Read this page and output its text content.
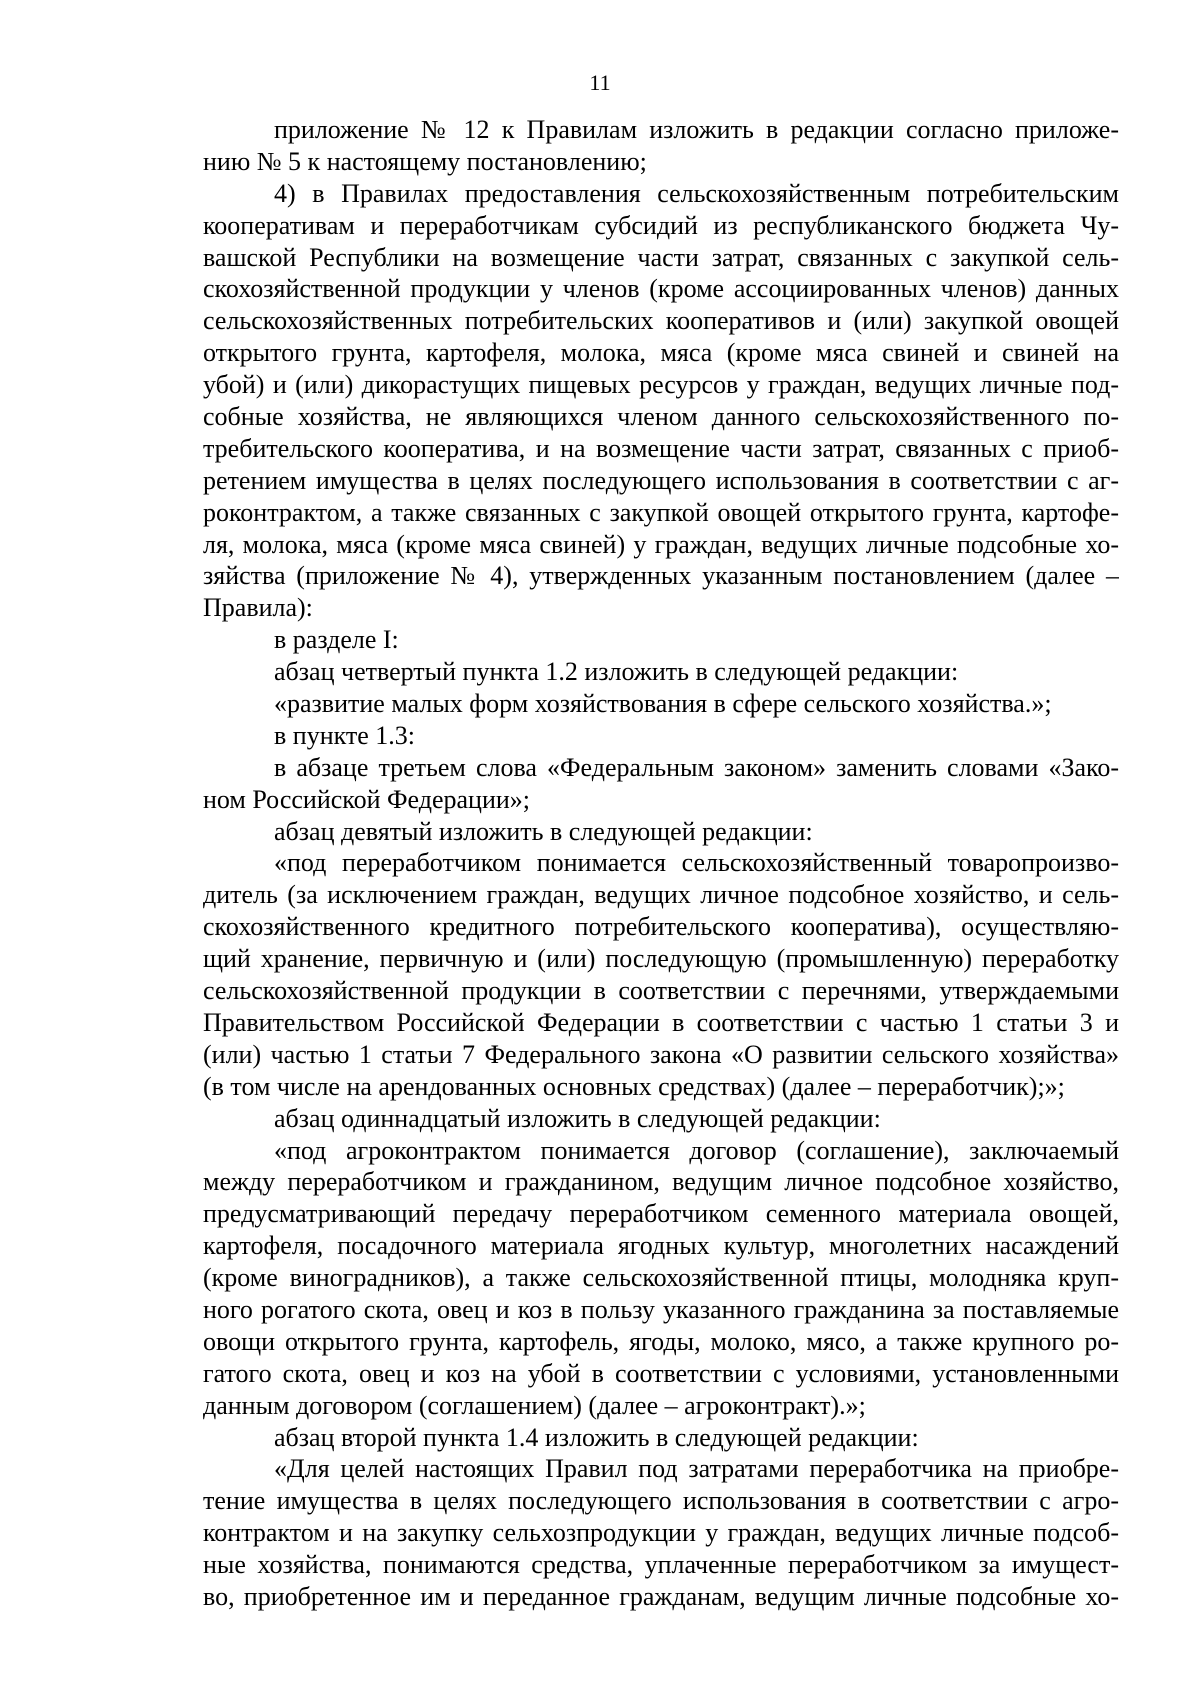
11
приложение № 12 к Правилам изложить в редакции согласно приложе-
нию № 5 к настоящему постановлению;
4) в Правилах предоставления сельскохозяйственным потребительским
кооперативам и переработчикам субсидий из республиканского бюджета Чу-
вашской Республики на возмещение части затрат, связанных с закупкой сель-
скохозяйственной продукции у членов (кроме ассоциированных членов) данных
сельскохозяйственных потребительских кооперативов и (или) закупкой овощей
открытого грунта, картофеля, молока, мяса (кроме мяса свиней и свиней на
убой) и (или) дикорастущих пищевых ресурсов у граждан, ведущих личные под-
собные хозяйства, не являющихся членом данного сельскохозяйственного по-
требительского кооператива, и на возмещение части затрат, связанных с приоб-
ретением имущества в целях последующего использования в соответствии с аг-
роконтрактом, а также связанных с закупкой овощей открытого грунта, картофе-
ля, молока, мяса (кроме мяса свиней) у граждан, ведущих личные подсобные хо-
зяйства (приложение № 4), утвержденных указанным постановлением (далее –
Правила):
в разделе I:
абзац четвертый пункта 1.2 изложить в следующей редакции:
«развитие малых форм хозяйствования в сфере сельского хозяйства.»;
в пункте 1.3:
в абзаце третьем слова «Федеральным законом» заменить словами «Зако-
ном Российской Федерации»;
абзац девятый изложить в следующей редакции:
«под переработчиком понимается сельскохозяйственный товаропроизво-
дитель (за исключением граждан, ведущих личное подсобное хозяйство, и сель-
скохозяйственного кредитного потребительского кооператива), осуществляю-
щий хранение, первичную и (или) последующую (промышленную) переработку
сельскохозяйственной продукции в соответствии с перечнями, утверждаемыми
Правительством Российской Федерации в соответствии с частью 1 статьи 3 и
(или) частью 1 статьи 7 Федерального закона «О развитии сельского хозяйства»
(в том числе на арендованных основных средствах) (далее – переработчик);»;
абзац одиннадцатый изложить в следующей редакции:
«под агроконтрактом понимается договор (соглашение), заключаемый
между переработчиком и гражданином, ведущим личное подсобное хозяйство,
предусматривающий передачу переработчиком семенного материала овощей,
картофеля, посадочного материала ягодных культур, многолетних насаждений
(кроме виноградников), а также сельскохозяйственной птицы, молодняка круп-
ного рогатого скота, овец и коз в пользу указанного гражданина за поставляемые
овощи открытого грунта, картофель, ягоды, молоко, мясо, а также крупного ро-
гатого скота, овец и коз на убой в соответствии с условиями, установленными
данным договором (соглашением) (далее – агроконтракт).»;
абзац второй пункта 1.4 изложить в следующей редакции:
«Для целей настоящих Правил под затратами переработчика на приобре-
тение имущества в целях последующего использования в соответствии с агро-
контрактом и на закупку сельхозпродукции у граждан, ведущих личные подсоб-
ные хозяйства, понимаются средства, уплаченные переработчиком за имущест-
во, приобретенное им и переданное гражданам, ведущим личные подсобные хо-
